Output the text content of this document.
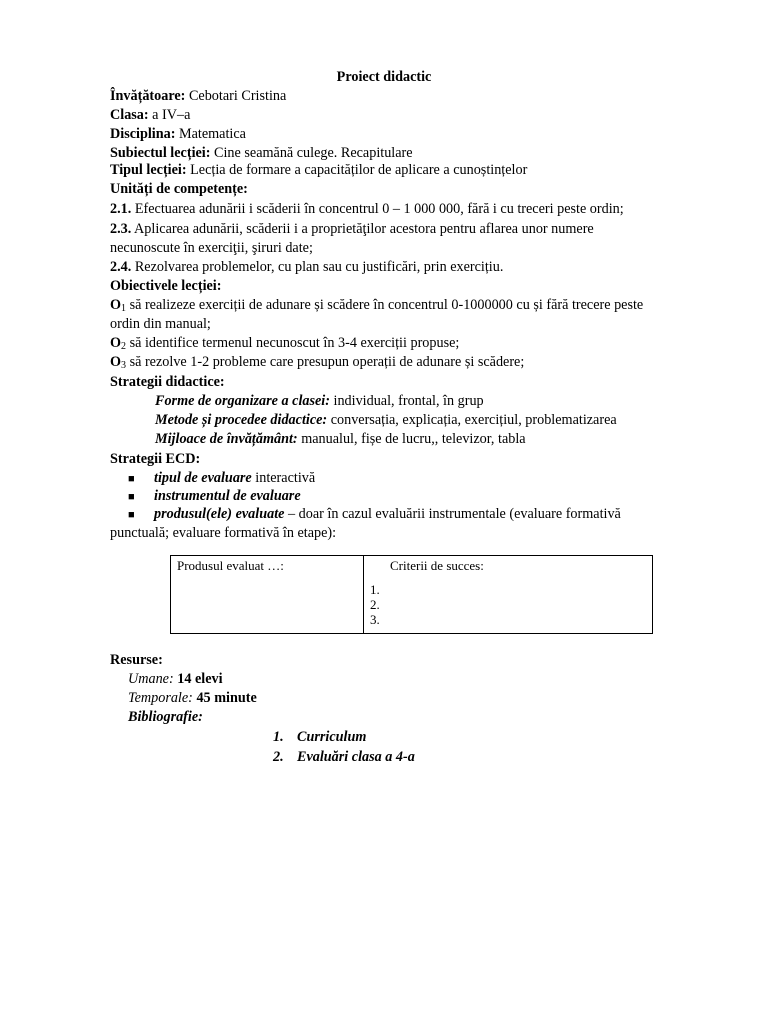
Proiect didactic
Învățătoare: Cebotari Cristina
Clasa: a IV–a
Disciplina: Matematica
Subiectul lecției: Cine seamănă culege. Recapitulare
Tipul lecției: Lecția de formare a capacităților de aplicare a cunoștințelor
Unități de competențe:
2.1. Efectuarea adunării i scăderii în concentrul 0 – 1 000 000, fără i cu treceri peste ordin;
2.3. Aplicarea adunării, scăderii i a proprietăţilor acestora pentru aflarea unor numere
necunoscute în exerciţii, şiruri date;
2.4. Rezolvarea problemelor, cu plan sau cu justificări, prin exercițiu.
Obiectivele lecției:
$O_1$ să realizeze exerciții de adunare și scădere în concentrul 0-1000000 cu și fără trecere peste
ordin din manual;
$O_2$ să identifice termenul necunoscut în 3-4 exerciții propuse;
$O_3$ să rezolve 1-2 probleme care presupun operații de adunare și scădere;
Strategii didactice:
Forme de organizare a clasei: individual, frontal, în grup
Metode și procedee didactice: conversația, explicația, exercițiul, problematizarea
Mijloace de învățământ: manualul, fișe de lucru,, televizor, tabla
Strategii ECD:
■ tipul de evaluare interactivă
■ instrumentul de evaluare
■ produsul(ele) evaluate – doar în cazul evaluării instrumentale (evaluare formativă
punctuală; evaluare formativă în etape):
Produsul evaluat …:	Criterii de succes:
1.
2.
3.
Resurse:
Umane: 14 elevi
Temporale: 45 minute
Bibliografie:
1. Curriculum
2. Evaluări clasa a 4-a
